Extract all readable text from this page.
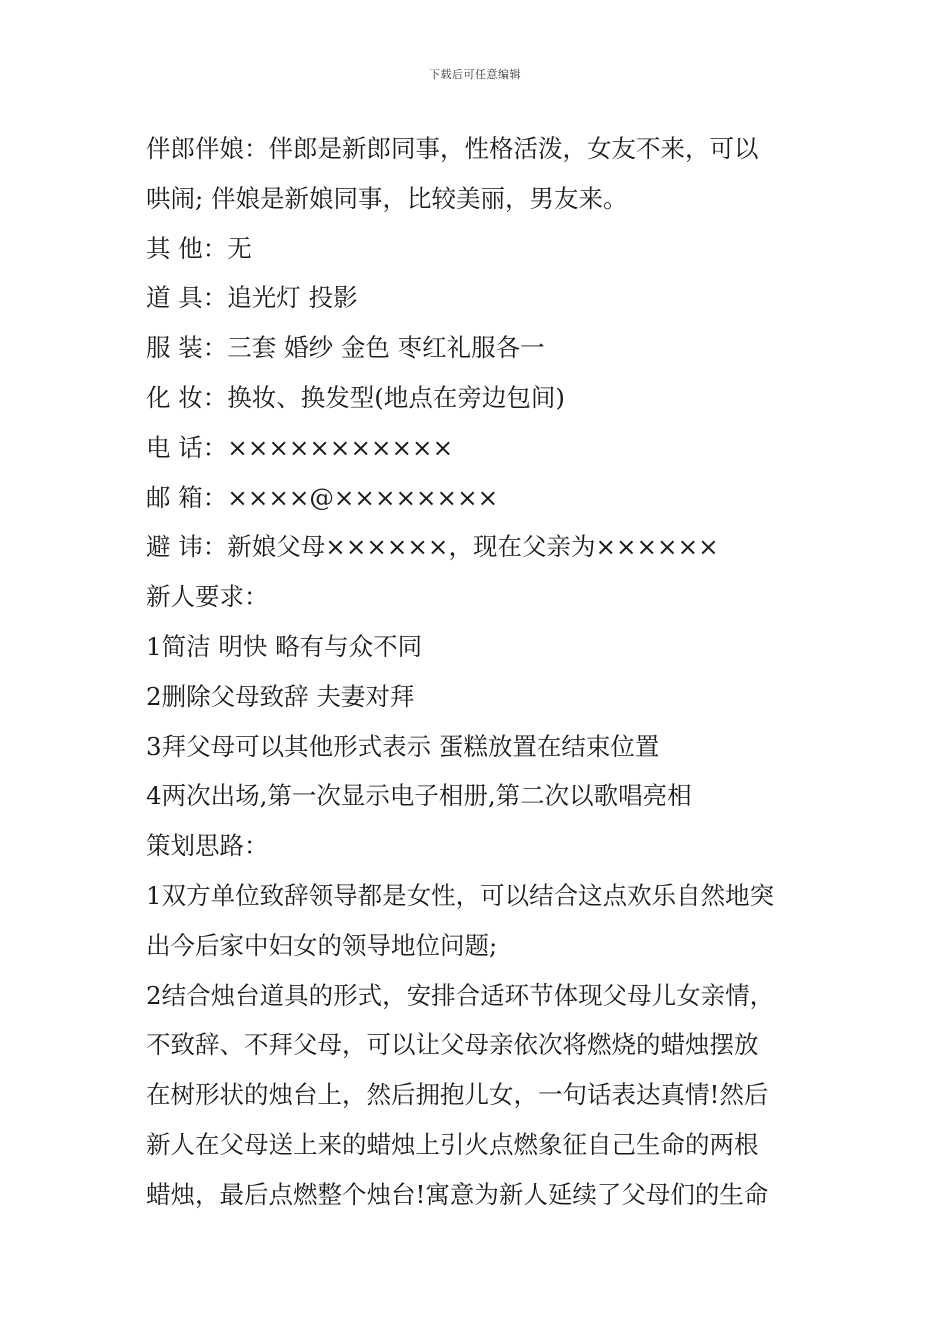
下载后可任意编辑
伴郎伴娘：伴郎是新郎同事，性格活泼，女友不来，可以
哄闹; 伴娘是新娘同事，比较美丽，男友来。
其 他：无
道 具：追光灯 投影
服 装：三套 婚纱 金色 枣红礼服各一
化 妆：换妆、换发型(地点在旁边包间)
电 话：×××××××××××
邮 箱：××××@××××××××
避 讳：新娘父母××××××，现在父亲为××××××
新人要求：
1简洁 明快 略有与众不同
2删除父母致辞 夫妻对拜
3拜父母可以其他形式表示 蛋糕放置在结束位置
4两次出场,第一次显示电子相册,第二次以歌唱亮相
策划思路：
1双方单位致辞领导都是女性，可以结合这点欢乐自然地突
出今后家中妇女的领导地位问题;
2结合烛台道具的形式，安排合适环节体现父母儿女亲情，
不致辞、不拜父母，可以让父母亲依次将燃烧的蜡烛摆放
在树形状的烛台上，然后拥抱儿女，一句话表达真情!然后
新人在父母送上来的蜡烛上引火点燃象征自己生命的两根
蜡烛，最后点燃整个烛台!寓意为新人延续了父母们的生命
